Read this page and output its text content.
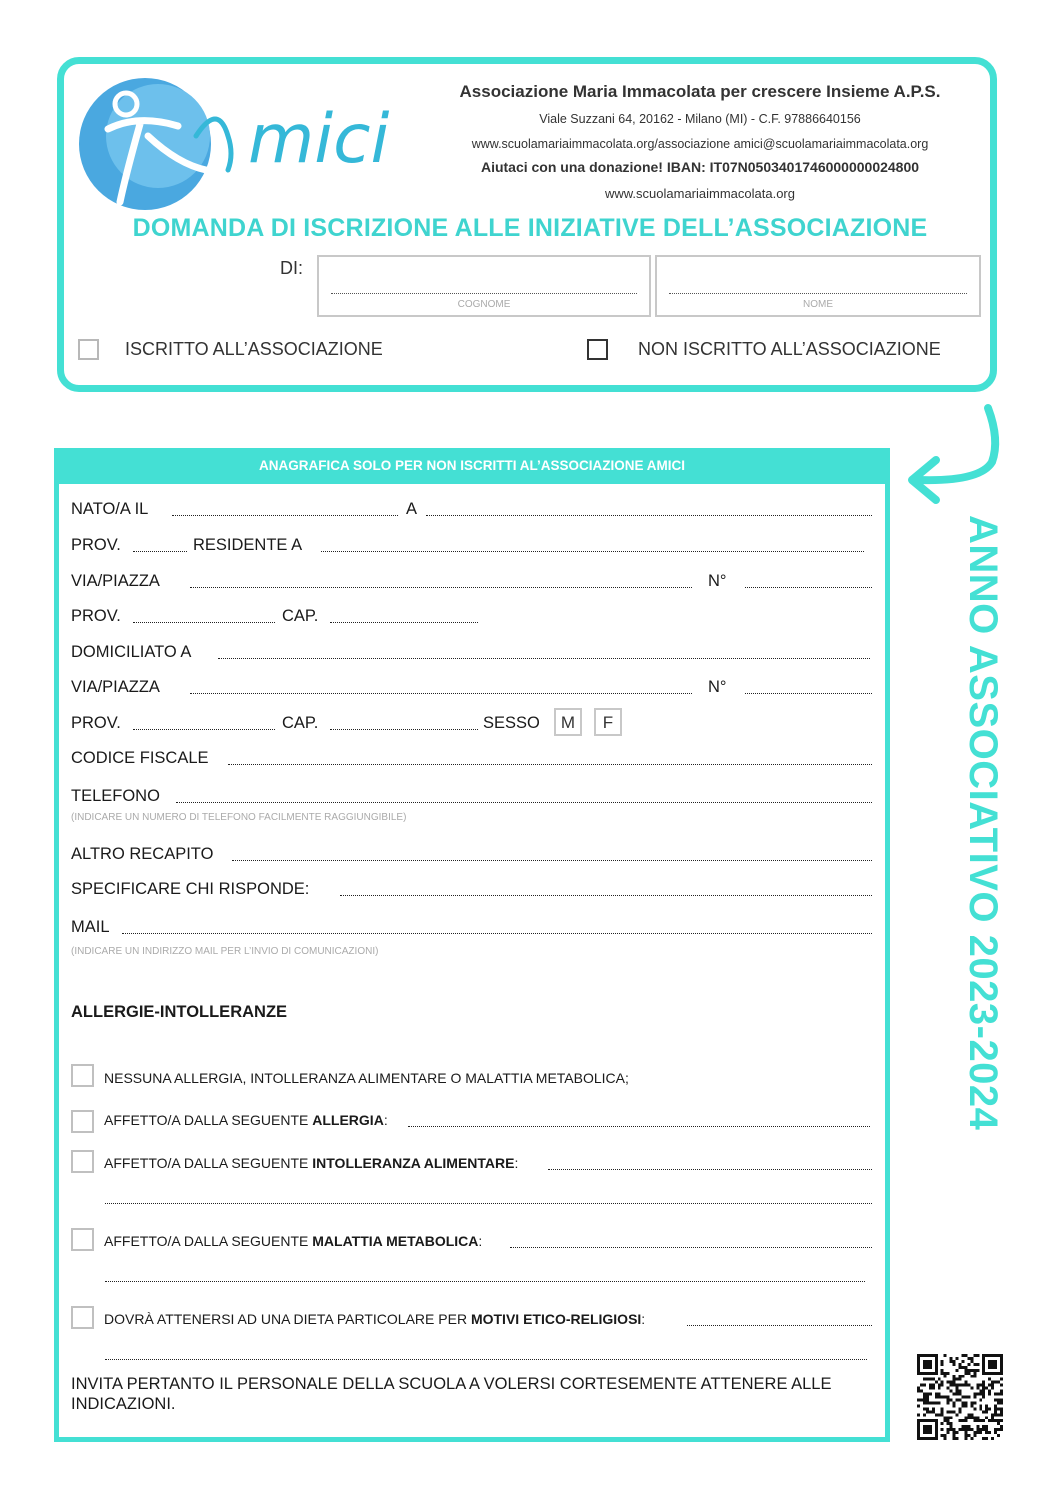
mici
Associazione Maria Immacolata per crescere Insieme A.P.S.
Viale Suzzani 64, 20162 - Milano (MI) - C.F. 97886640156
www.scuolamariaimmacolata.org/associazione amici@scuolamariaimmacolata.org
Aiutaci con una donazione! IBAN: IT07N0503401746000000024800
www.scuolamariaimmacolata.org
DOMANDA DI ISCRIZIONE ALLE INIZIATIVE DELL’ASSOCIAZIONE
DI:
COGNOME	NOME
ISCRITTO ALL’ASSOCIAZIONE	NON ISCRITTO ALL’ASSOCIAZIONE
ANNO ASSOCIATIVO 2023-2024
ANAGRAFICA SOLO PER NON ISCRITTI AL’ASSOCIAZIONE AMICI
NATO/A IL	A
PROV.	RESIDENTE A
VIA/PIAZZA	N°
PROV.	CAP.
DOMICILIATO A
VIA/PIAZZA	N°
PROV.	CAP.	SESSO	M	F
CODICE FISCALE
TELEFONO
(INDICARE UN NUMERO DI TELEFONO FACILMENTE RAGGIUNGIBILE)
ALTRO RECAPITO
SPECIFICARE CHI RISPONDE:
MAIL
(INDICARE UN INDIRIZZO MAIL PER L’INVIO DI COMUNICAZIONI)
ALLERGIE-INTOLLERANZE
NESSUNA ALLERGIA, INTOLLERANZA ALIMENTARE O MALATTIA METABOLICA;
AFFETTO/A DALLA SEGUENTE ALLERGIA:
AFFETTO/A DALLA SEGUENTE INTOLLERANZA ALIMENTARE:
AFFETTO/A DALLA SEGUENTE MALATTIA METABOLICA:
DOVRÀ ATTENERSI AD UNA DIETA PARTICOLARE PER MOTIVI ETICO-RELIGIOSI:
INVITA PERTANTO IL PERSONALE DELLA SCUOLA A VOLERSI CORTESEMENTE ATTENERE ALLE INDICAZIONI.
